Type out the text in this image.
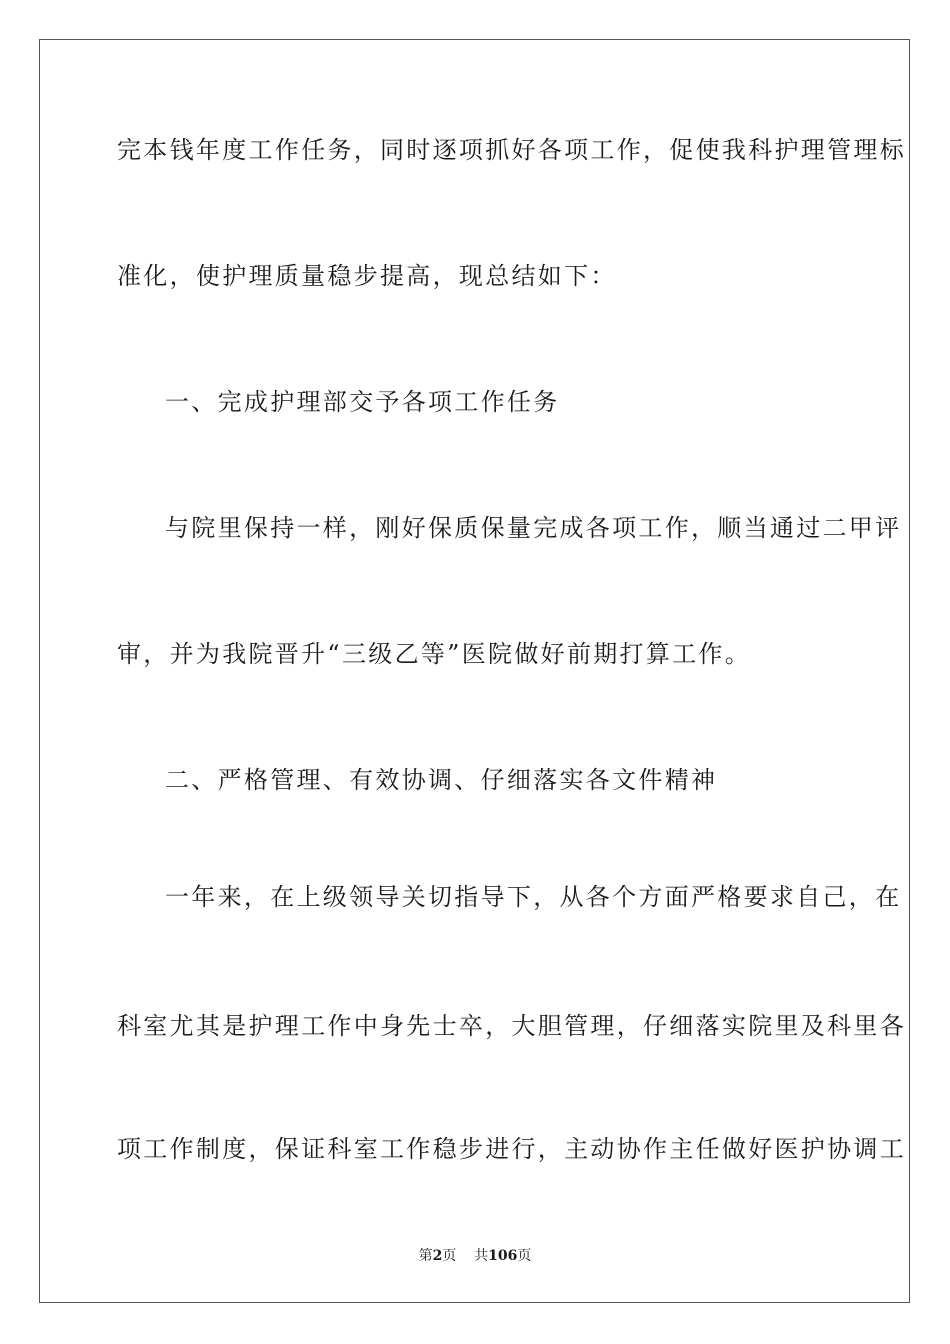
完本钱年度工作任务，同时逐项抓好各项工作，促使我科护理管理标
准化，使护理质量稳步提高，现总结如下：
一、完成护理部交予各项工作任务
与院里保持一样，刚好保质保量完成各项工作，顺当通过二甲评
审，并为我院晋升“三级乙等”医院做好前期打算工作。
二、严格管理、有效协调、仔细落实各文件精神
一年来，在上级领导关切指导下，从各个方面严格要求自己，在
科室尤其是护理工作中身先士卒，大胆管理，仔细落实院里及科里各
项工作制度，保证科室工作稳步进行，主动协作主任做好医护协调工
第2页 共106页
